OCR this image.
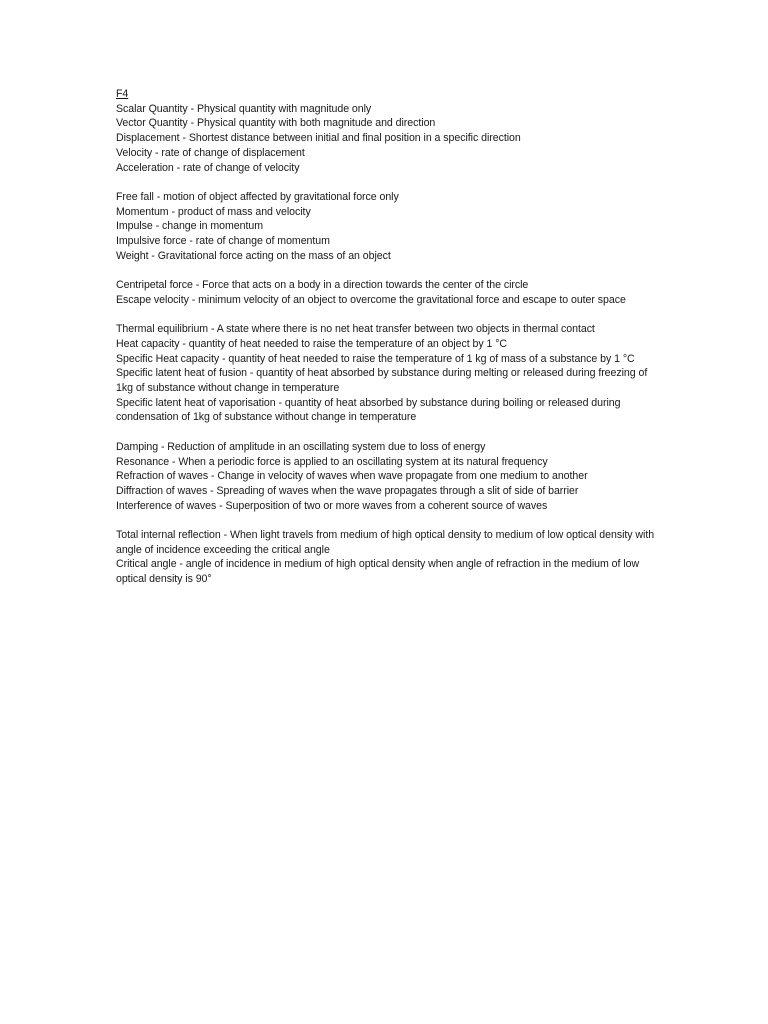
F4

Scalar Quantity - Physical quantity with magnitude only

Vector Quantity - Physical quantity with both magnitude and direction

Displacement - Shortest distance between initial and final position in a specific direction

Velocity - rate of change of displacement

Acceleration - rate of change of velocity

Free fall - motion of object affected by gravitational force only

Momentum - product of mass and velocity

Impulse - change in momentum

Impulsive force - rate of change of momentum

Weight - Gravitational force acting on the mass of an object

Centripetal force - Force that acts on a body in a direction towards the center of the circle

Escape velocity - minimum velocity of an object to overcome the gravitational force and escape to outer space

Thermal equilibrium - A state where there is no net heat transfer between two objects in thermal contact

Heat capacity - quantity of heat needed to raise the temperature of an object by 1 °C

Specific Heat capacity - quantity of heat needed to raise the temperature of 1 kg of mass of a substance by 1 °C

Specific latent heat of fusion - quantity of heat absorbed by substance during melting or released during freezing of 1kg of substance without change in temperature

Specific latent heat of vaporisation - quantity of heat absorbed by substance during boiling or released during condensation of 1kg of substance without change in temperature

Damping - Reduction of amplitude in an oscillating system due to loss of energy

Resonance - When a periodic force is applied to an oscillating system at its natural frequency

Refraction of waves - Change in velocity of waves when wave propagate from one medium to another

Diffraction of waves - Spreading of waves when the wave propagates through a slit of side of barrier

Interference of waves - Superposition of two or more waves from a coherent source of waves

Total internal reflection - When light travels from medium of high optical density to medium of low optical density with angle of incidence exceeding the critical angle

Critical angle - angle of incidence in medium of high optical density when angle of refraction in the medium of low optical density is 90°
